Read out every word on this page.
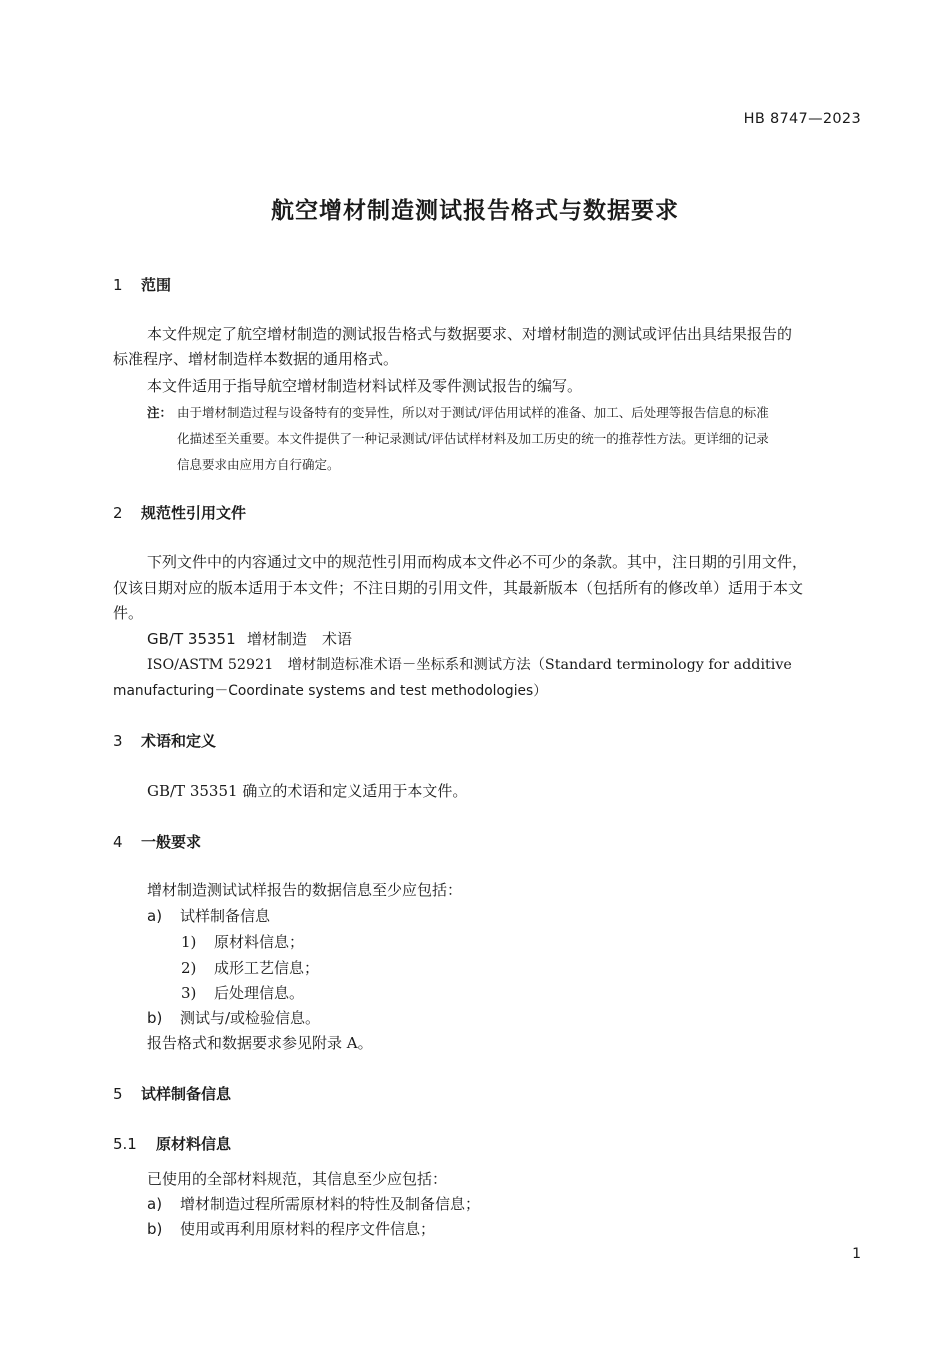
HB 8747—2023
航空增材制造测试报告格式与数据要求
1 范围
本文件规定了航空增材制造的测试报告格式与数据要求、对增材制造的测试或评估出具结果报告的
标准程序、增材制造样本数据的通用格式。
本文件适用于指导航空增材制造材料试样及零件测试报告的编写。
注： 由于增材制造过程与设备特有的变异性，所以对于测试/评估用试样的准备、加工、后处理等报告信息的标准
化描述至关重要。本文件提供了一种记录测试/评估试样材料及加工历史的统一的推荐性方法。更详细的记录
信息要求由应用方自行确定。
2 规范性引用文件
下列文件中的内容通过文中的规范性引用而构成本文件必不可少的条款。其中，注日期的引用文件，
仅该日期对应的版本适用于本文件；不注日期的引用文件，其最新版本（包括所有的修改单）适用于本文
件。
GB/T 35351 增材制造　术语
ISO/ASTM 52921　增材制造标准术语－坐标系和测试方法（Standard terminology for additive
manufacturing－Coordinate systems and test methodologies）
3 术语和定义
GB/T 35351 确立的术语和定义适用于本文件。
4 一般要求
增材制造测试试样报告的数据信息至少应包括：
a) 试样制备信息
1) 原材料信息；
2) 成形工艺信息；
3) 后处理信息。
b) 测试与/或检验信息。
报告格式和数据要求参见附录 A。
5 试样制备信息
5.1 原材料信息
已使用的全部材料规范，其信息至少应包括：
a) 增材制造过程所需原材料的特性及制备信息；
b) 使用或再利用原材料的程序文件信息；
1
